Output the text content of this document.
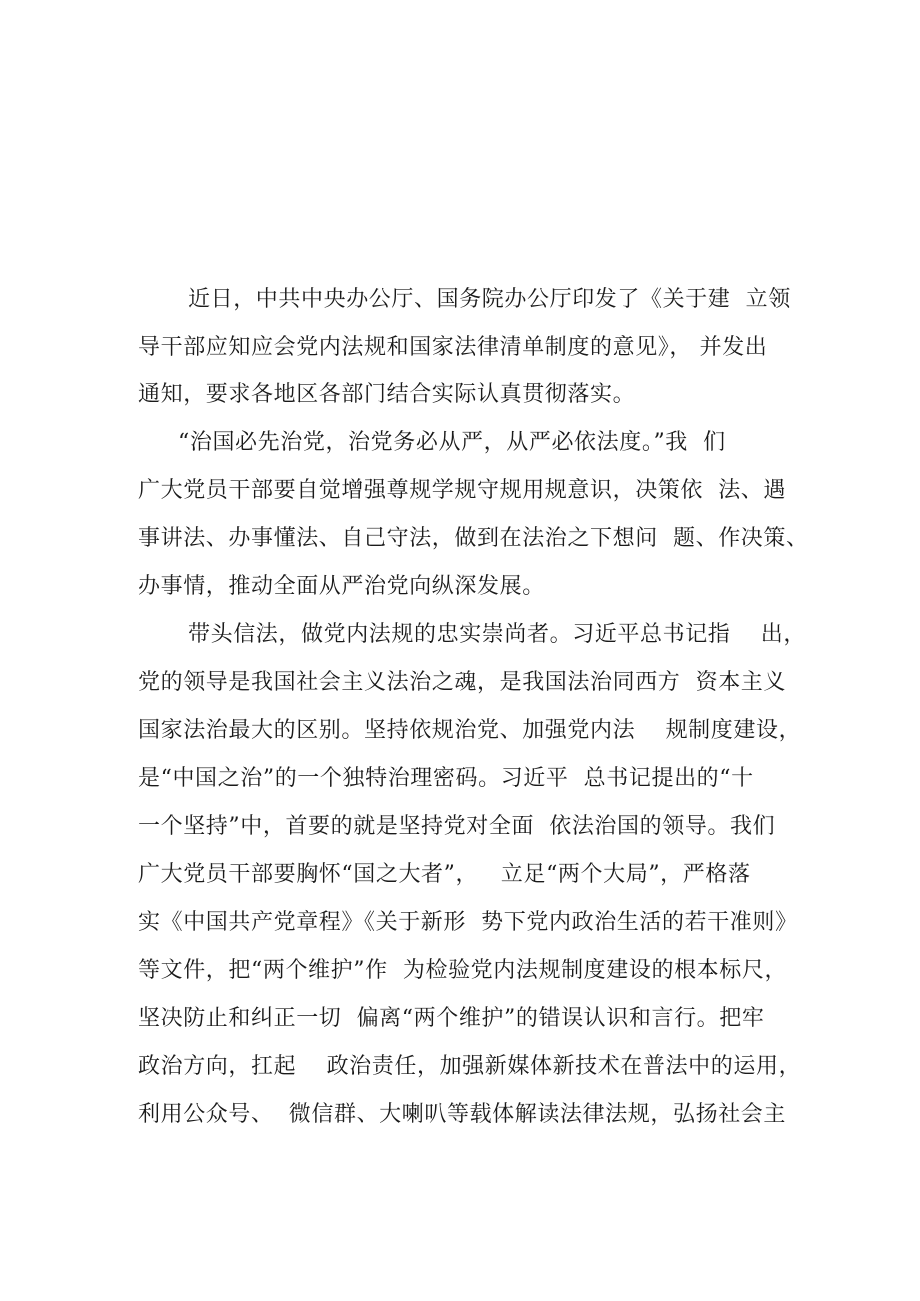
近日，中共中央办公厅、国务院办公厅印发了《关于建  立领
导干部应知应会党内法规和国家法律清单制度的意见》， 并发出
通知，要求各地区各部门结合实际认真贯彻落实。
“治国必先治党，治党务必从严，从严必依法度。”我  们
广大党员干部要自觉增强尊规学规守规用规意识，决策依  法、遇
事讲法、办事懂法、自己守法，做到在法治之下想问  题、作决策、
办事情，推动全面从严治党向纵深发展。
带头信法，做党内法规的忠实崇尚者。习近平总书记指    出，
党的领导是我国社会主义法治之魂，是我国法治同西方  资本主义
国家法治最大的区别。坚持依规治党、加强党内法    规制度建设，
是“中国之治”的一个独特治理密码。习近平  总书记提出的“十
一个坚持”中，首要的就是坚持党对全面  依法治国的领导。我们
广大党员干部要胸怀“国之大者”，   立足“两个大局”，严格落
实《中国共产党章程》《关于新形  势下党内政治生活的若干准则》
等文件，把“两个维护”作  为检验党内法规制度建设的根本标尺，
坚决防止和纠正一切  偏离“两个维护”的错误认识和言行。把牢
政治方向，扛起    政治责任，加强新媒体新技术在普法中的运用，
利用公众号、  微信群、大喇叭等载体解读法律法规，弘扬社会主
